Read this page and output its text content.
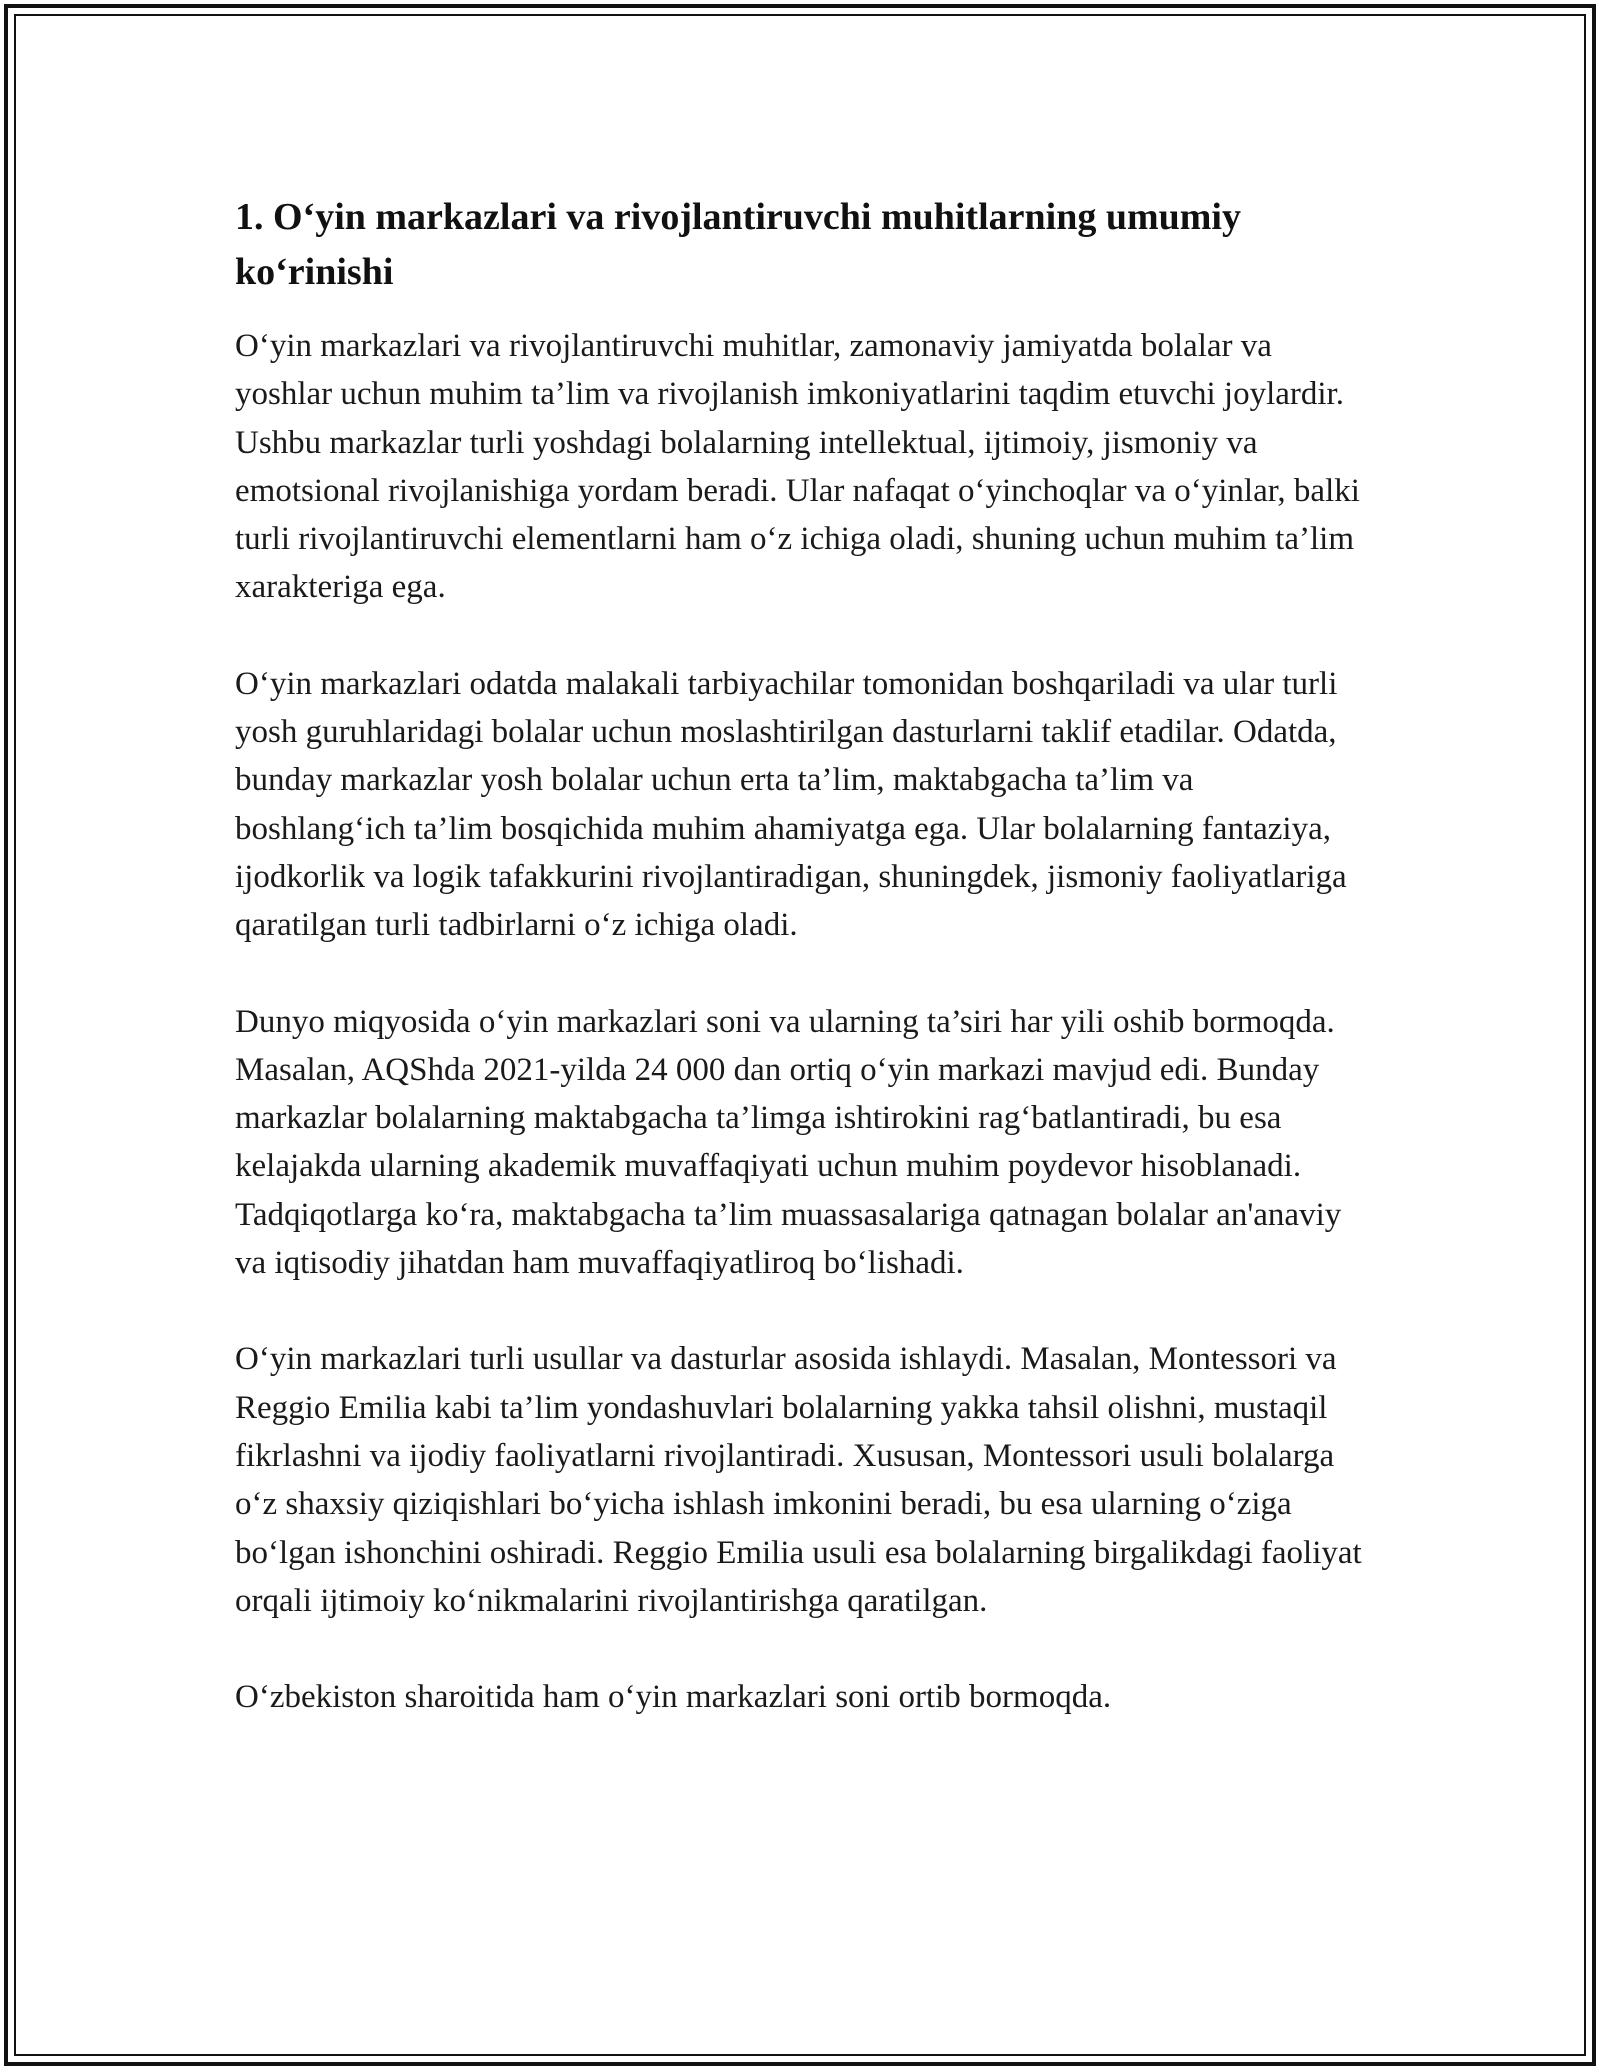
1. O‘yin markazlari va rivojlantiruvchi muhitlarning umumiy ko‘rinishi

O‘yin markazlari va rivojlantiruvchi muhitlar, zamonaviy jamiyatda bolalar va yoshlar uchun muhim ta’lim va rivojlanish imkoniyatlarini taqdim etuvchi joylardir. Ushbu markazlar turli yoshdagi bolalarning intellektual, ijtimoiy, jismoniy va emotsional rivojlanishiga yordam beradi. Ular nafaqat o‘yinchoqlar va o‘yinlar, balki turli rivojlantiruvchi elementlarni ham o‘z ichiga oladi, shuning uchun muhim ta’lim xarakteriga ega.

O‘yin markazlari odatda malakali tarbiyachilar tomonidan boshqariladi va ular turli yosh guruhlaridagi bolalar uchun moslashtirilgan dasturlarni taklif etadilar. Odatda, bunday markazlar yosh bolalar uchun erta ta’lim, maktabgacha ta’lim va boshlang‘ich ta’lim bosqichida muhim ahamiyatga ega. Ular bolalarning fantaziya, ijodkorlik va logik tafakkurini rivojlantiradigan, shuningdek, jismoniy faoliyatlariga qaratilgan turli tadbirlarni o‘z ichiga oladi.

Dunyo miqyosida o‘yin markazlari soni va ularning ta’siri har yili oshib bormoqda. Masalan, AQShda 2021-yilda 24 000 dan ortiq o‘yin markazi mavjud edi. Bunday markazlar bolalarning maktabgacha ta’limga ishtirokini rag‘batlantiradi, bu esa kelajakda ularning akademik muvaffaqiyati uchun muhim poydevor hisoblanadi. Tadqiqotlarga ko‘ra, maktabgacha ta’lim muassasalariga qatnagan bolalar an'anaviy va iqtisodiy jihatdan ham muvaffaqiyatliroq bo‘lishadi.

O‘yin markazlari turli usullar va dasturlar asosida ishlaydi. Masalan, Montessori va Reggio Emilia kabi ta’lim yondashuvlari bolalarning yakka tahsil olishni, mustaqil fikrlashni va ijodiy faoliyatlarni rivojlantiradi. Xususan, Montessori usuli bolalarga o‘z shaxsiy qiziqishlari bo‘yicha ishlash imkonini beradi, bu esa ularning o‘ziga bo‘lgan ishonchini oshiradi. Reggio Emilia usuli esa bolalarning birgalikdagi faoliyat orqali ijtimoiy ko‘nikmalarini rivojlantirishga qaratilgan.

O‘zbekiston sharoitida ham o‘yin markazlari soni ortib bormoqda.
